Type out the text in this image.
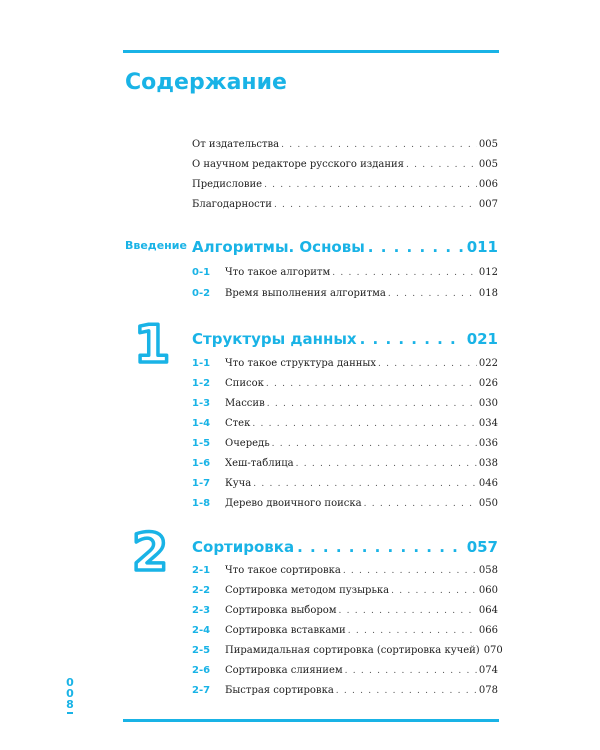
Содержание
От издательства . . .	005
О научном редакторе русского издания . . .	005
Предисловие . . .	006
Благодарности . . .	007
Введение Алгоритмы. Основы . . .	011
0-1 Что такое алгоритм . . .	012
0-2 Время выполнения алгоритма . . .	018
1 Структуры данных . . .	021
1-1 Что такое структура данных . . .	022
1-2 Список . . .	026
1-3 Массив . . .	030
1-4 Стек . . .	034
1-5 Очередь . . .	036
1-6 Хеш-таблица . . .	038
1-7 Куча . . .	046
1-8 Дерево двоичного поиска . . .	050
2 Сортировка . . .	057
2-1 Что такое сортировка . . .	058
2-2 Сортировка методом пузырька . . .	060
2-3 Сортировка выбором . . .	064
2-4 Сортировка вставками . . .	066
2-5 Пирамидальная сортировка (сортировка кучей) 070
2-6 Сортировка слиянием . . .	074
2-7 Быстрая сортировка . . .	078
0
0
8
